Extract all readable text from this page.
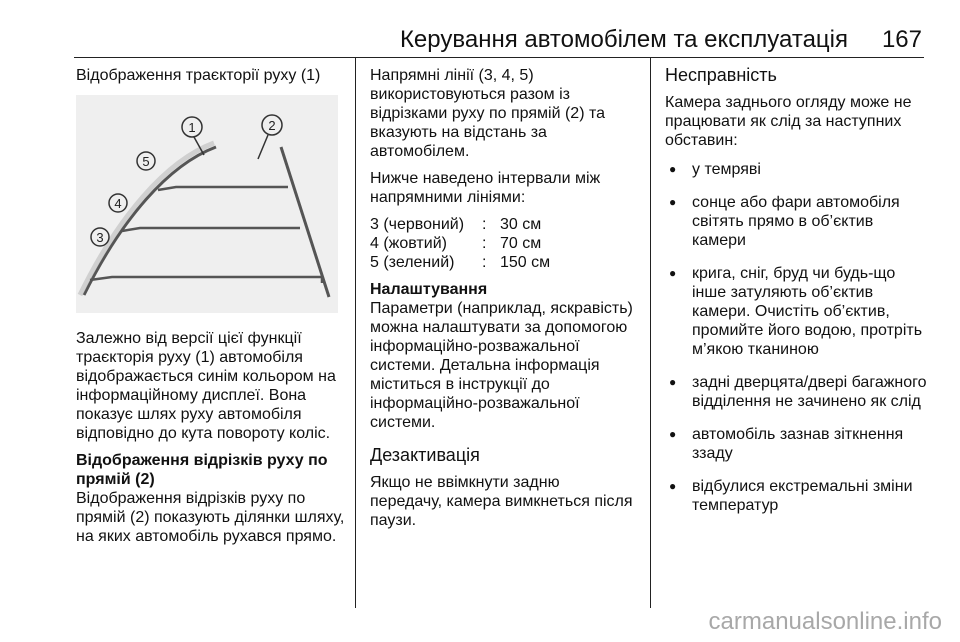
Керування автомобілем та експлуатація 167

Відображення траєкторії руху (1)

1	2
5
4
3

Залежно від версії цієї функції траєкторія руху (1) автомобіля відображається синім кольором на інформаційному дисплеї. Вона показує шлях руху автомобіля відповідно до кута повороту коліс.

Відображення відрізків руху по прямій (2)

Відображення відрізків руху по прямій (2) показують ділянки шляху, на яких автомобіль рухався прямо.

Напрямні лінії (3, 4, 5) використовуються разом із відрізками руху по прямій (2) та вказують на відстань за автомобілем.

Нижче наведено інтервали між напрямними лініями:

3 (червоний)	: 30 см
4 (жовтий)	: 70 см
5 (зелений)	: 150 см

Налаштування

Параметри (наприклад, яскравість) можна налаштувати за допомогою інформаційно-розважальної системи. Детальна інформація міститься в інструкції до інформаційно-розважальної системи.

Дезактивація

Якщо не ввімкнути задню передачу, камера вимкнеться після паузи.

Несправність

Камера заднього огляду може не працювати як слід за наступних обставин:

● у темряві
● сонце або фари автомобіля світять прямо в об’єктив камери
● крига, сніг, бруд чи будь-що інше затуляють об’єктив камери. Очистіть об’єктив, промийте його водою, протріть м’якою тканиною
● задні дверцята/двері багажного відділення не зачинено як слід
● автомобіль зазнав зіткнення ззаду
● відбулися екстремальні зміни температур
carmanualsonline.info
